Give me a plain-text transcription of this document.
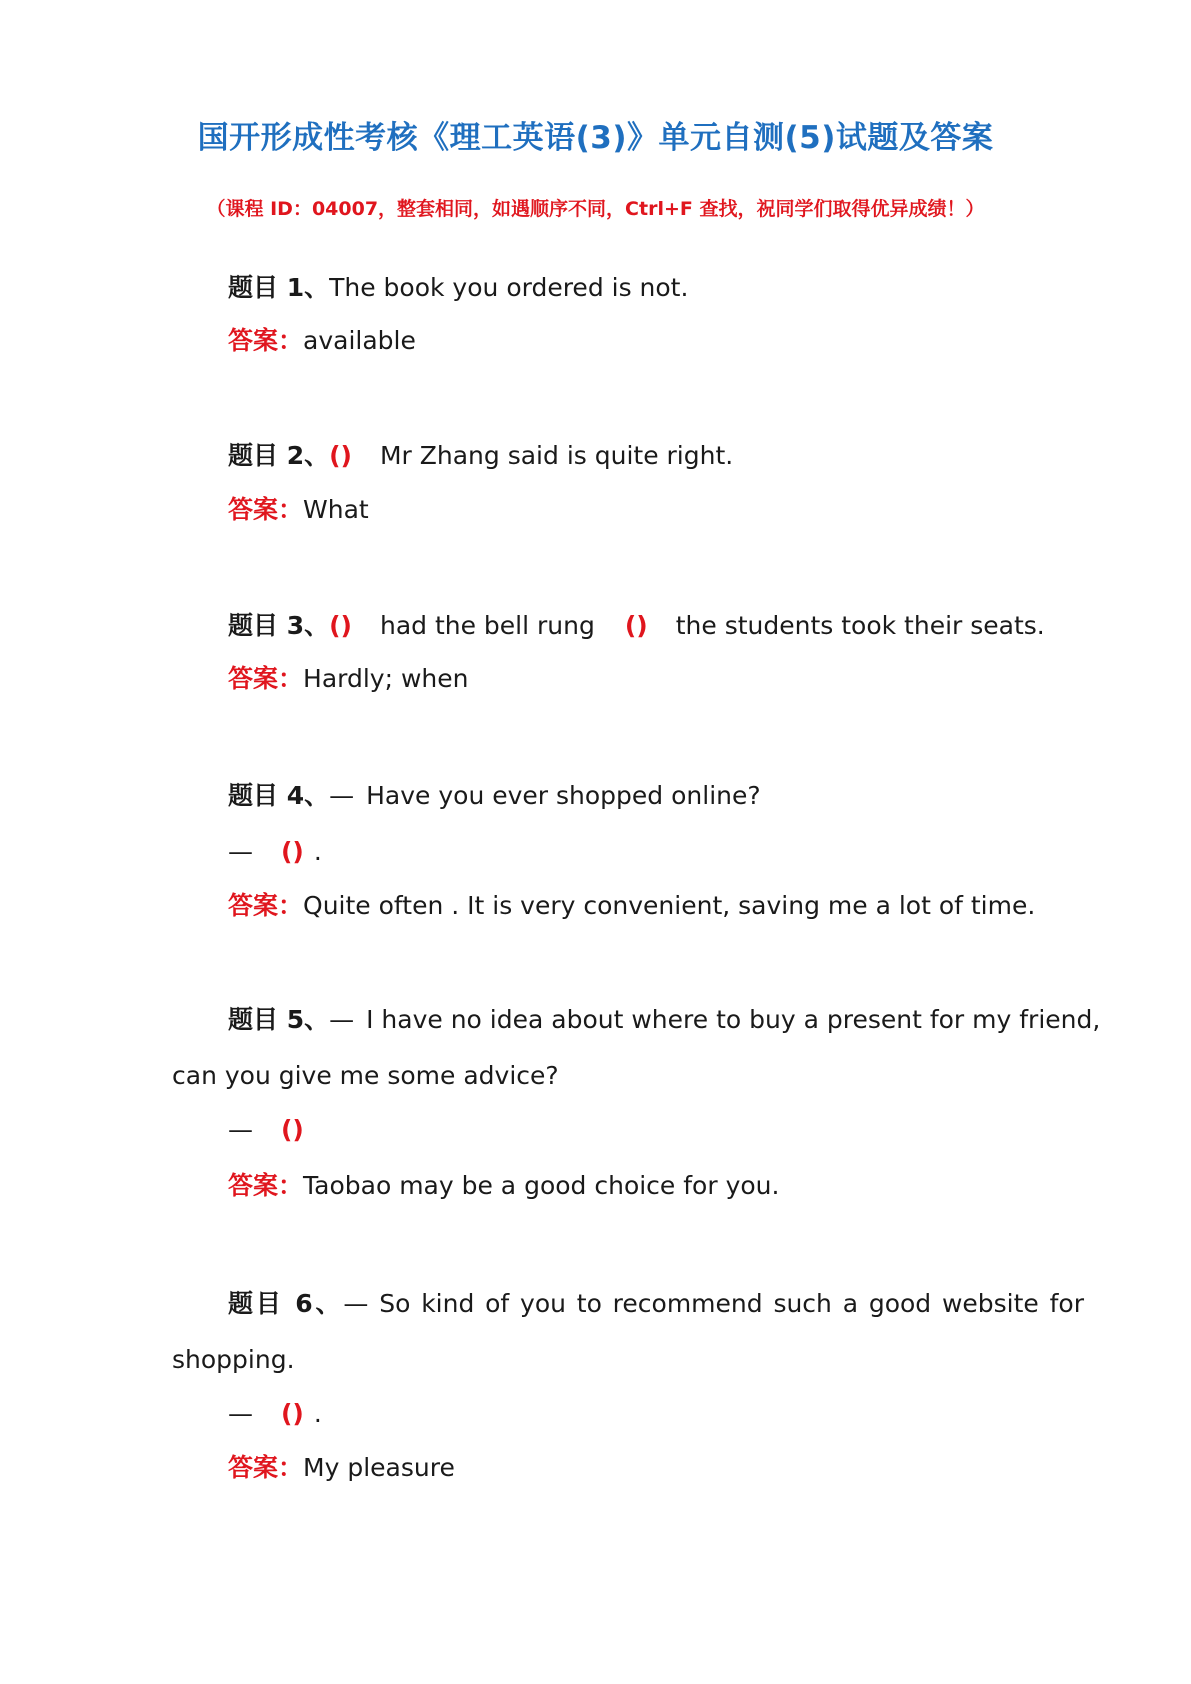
国开形成性考核《理工英语(3)》单元自测(5)试题及答案
（课程 ID：04007，整套相同，如遇顺序不同，Ctrl+F 查找，祝同学们取得优异成绩！）
题目 1、The book you ordered is not.
答案：available
题目 2、() Mr Zhang said is quite right.
答案：What
题目 3、() had the bell rung () the students took their seats.
答案：Hardly; when
题目 4、— Have you ever shopped online?
— () .
答案：Quite often . It is very convenient, saving me a lot of time.
题目 5、— I have no idea about where to buy a present for my friend,
can you give me some advice?
— ()
答案：Taobao may be a good choice for you.
题目 6、— So kind of you to recommend such a good website for
shopping.
— () .
答案：My pleasure
